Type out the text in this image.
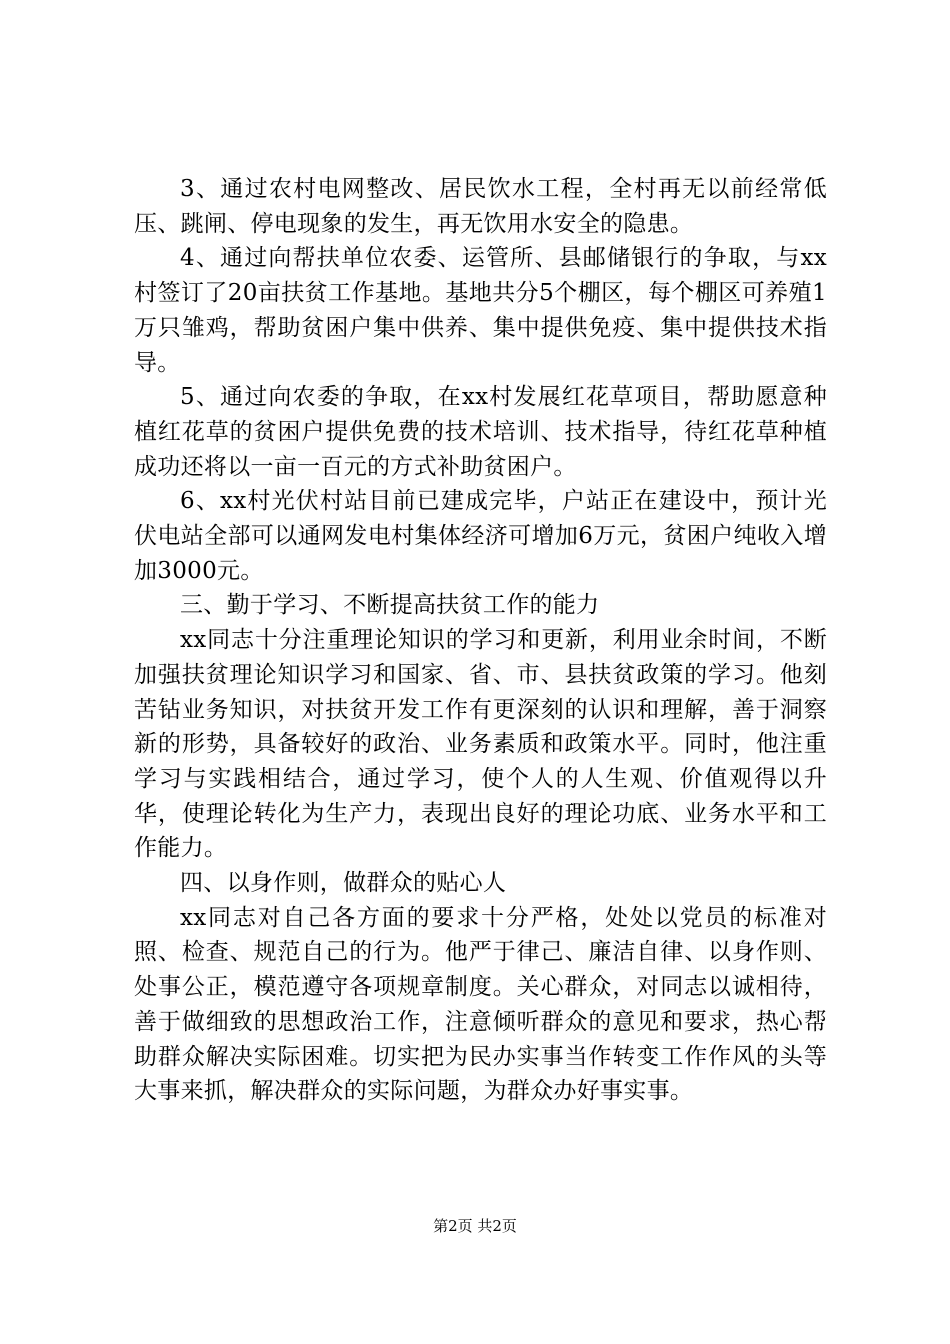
3、通过农村电网整改、居民饮水工程，全村再无以前经常低压、跳闸、停电现象的发生，再无饮用水安全的隐患。

4、通过向帮扶单位农委、运管所、县邮储银行的争取，与xx村签订了20亩扶贫工作基地。基地共分5个棚区，每个棚区可养殖1万只雏鸡，帮助贫困户集中供养、集中提供免疫、集中提供技术指导。

5、通过向农委的争取，在xx村发展红花草项目，帮助愿意种植红花草的贫困户提供免费的技术培训、技术指导，待红花草种植成功还将以一亩一百元的方式补助贫困户。

6、xx村光伏村站目前已建成完毕，户站正在建设中，预计光伏电站全部可以通网发电村集体经济可增加6万元，贫困户纯收入增加3000元。

三、勤于学习、不断提高扶贫工作的能力

xx同志十分注重理论知识的学习和更新，利用业余时间，不断加强扶贫理论知识学习和国家、省、市、县扶贫政策的学习。他刻苦钻业务知识，对扶贫开发工作有更深刻的认识和理解，善于洞察新的形势，具备较好的政治、业务素质和政策水平。同时，他注重学习与实践相结合，通过学习，使个人的人生观、价值观得以升华，使理论转化为生产力，表现出良好的理论功底、业务水平和工作能力。

四、以身作则，做群众的贴心人

xx同志对自己各方面的要求十分严格，处处以党员的标准对照、检查、规范自己的行为。他严于律己、廉洁自律、以身作则、处事公正，模范遵守各项规章制度。关心群众，对同志以诚相待，善于做细致的思想政治工作，注意倾听群众的意见和要求，热心帮助群众解决实际困难。切实把为民办实事当作转变工作作风的头等大事来抓，解决群众的实际问题，为群众办好事实事。

第2页 共2页
